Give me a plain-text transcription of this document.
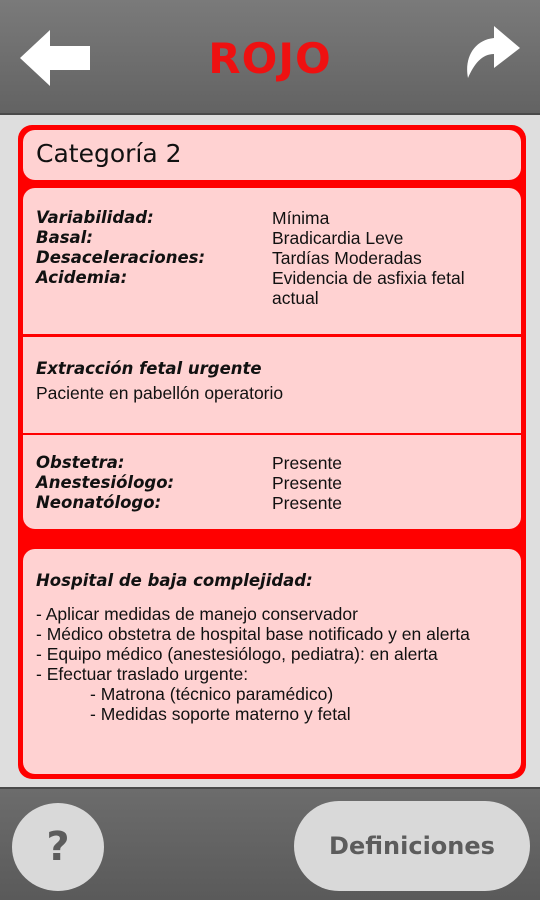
ROJO
Categoría 2
Variabilidad:	Mínima
Basal:	Bradicardia Leve
Desaceleraciones:	Tardías Moderadas
Acidemia:	Evidencia de asfixia fetal actual
Extracción fetal urgente
Paciente en pabellón operatorio
Obstetra:	Presente
Anestesiólogo:	Presente
Neonatólogo:	Presente
Hospital de baja complejidad:
- Aplicar medidas de manejo conservador
- Médico obstetra de hospital base notificado y en alerta
- Equipo médico (anestesiólogo, pediatra): en alerta
- Efectuar traslado urgente:
- Matrona (técnico paramédico)
- Medidas soporte materno y fetal
?	Definiciones
